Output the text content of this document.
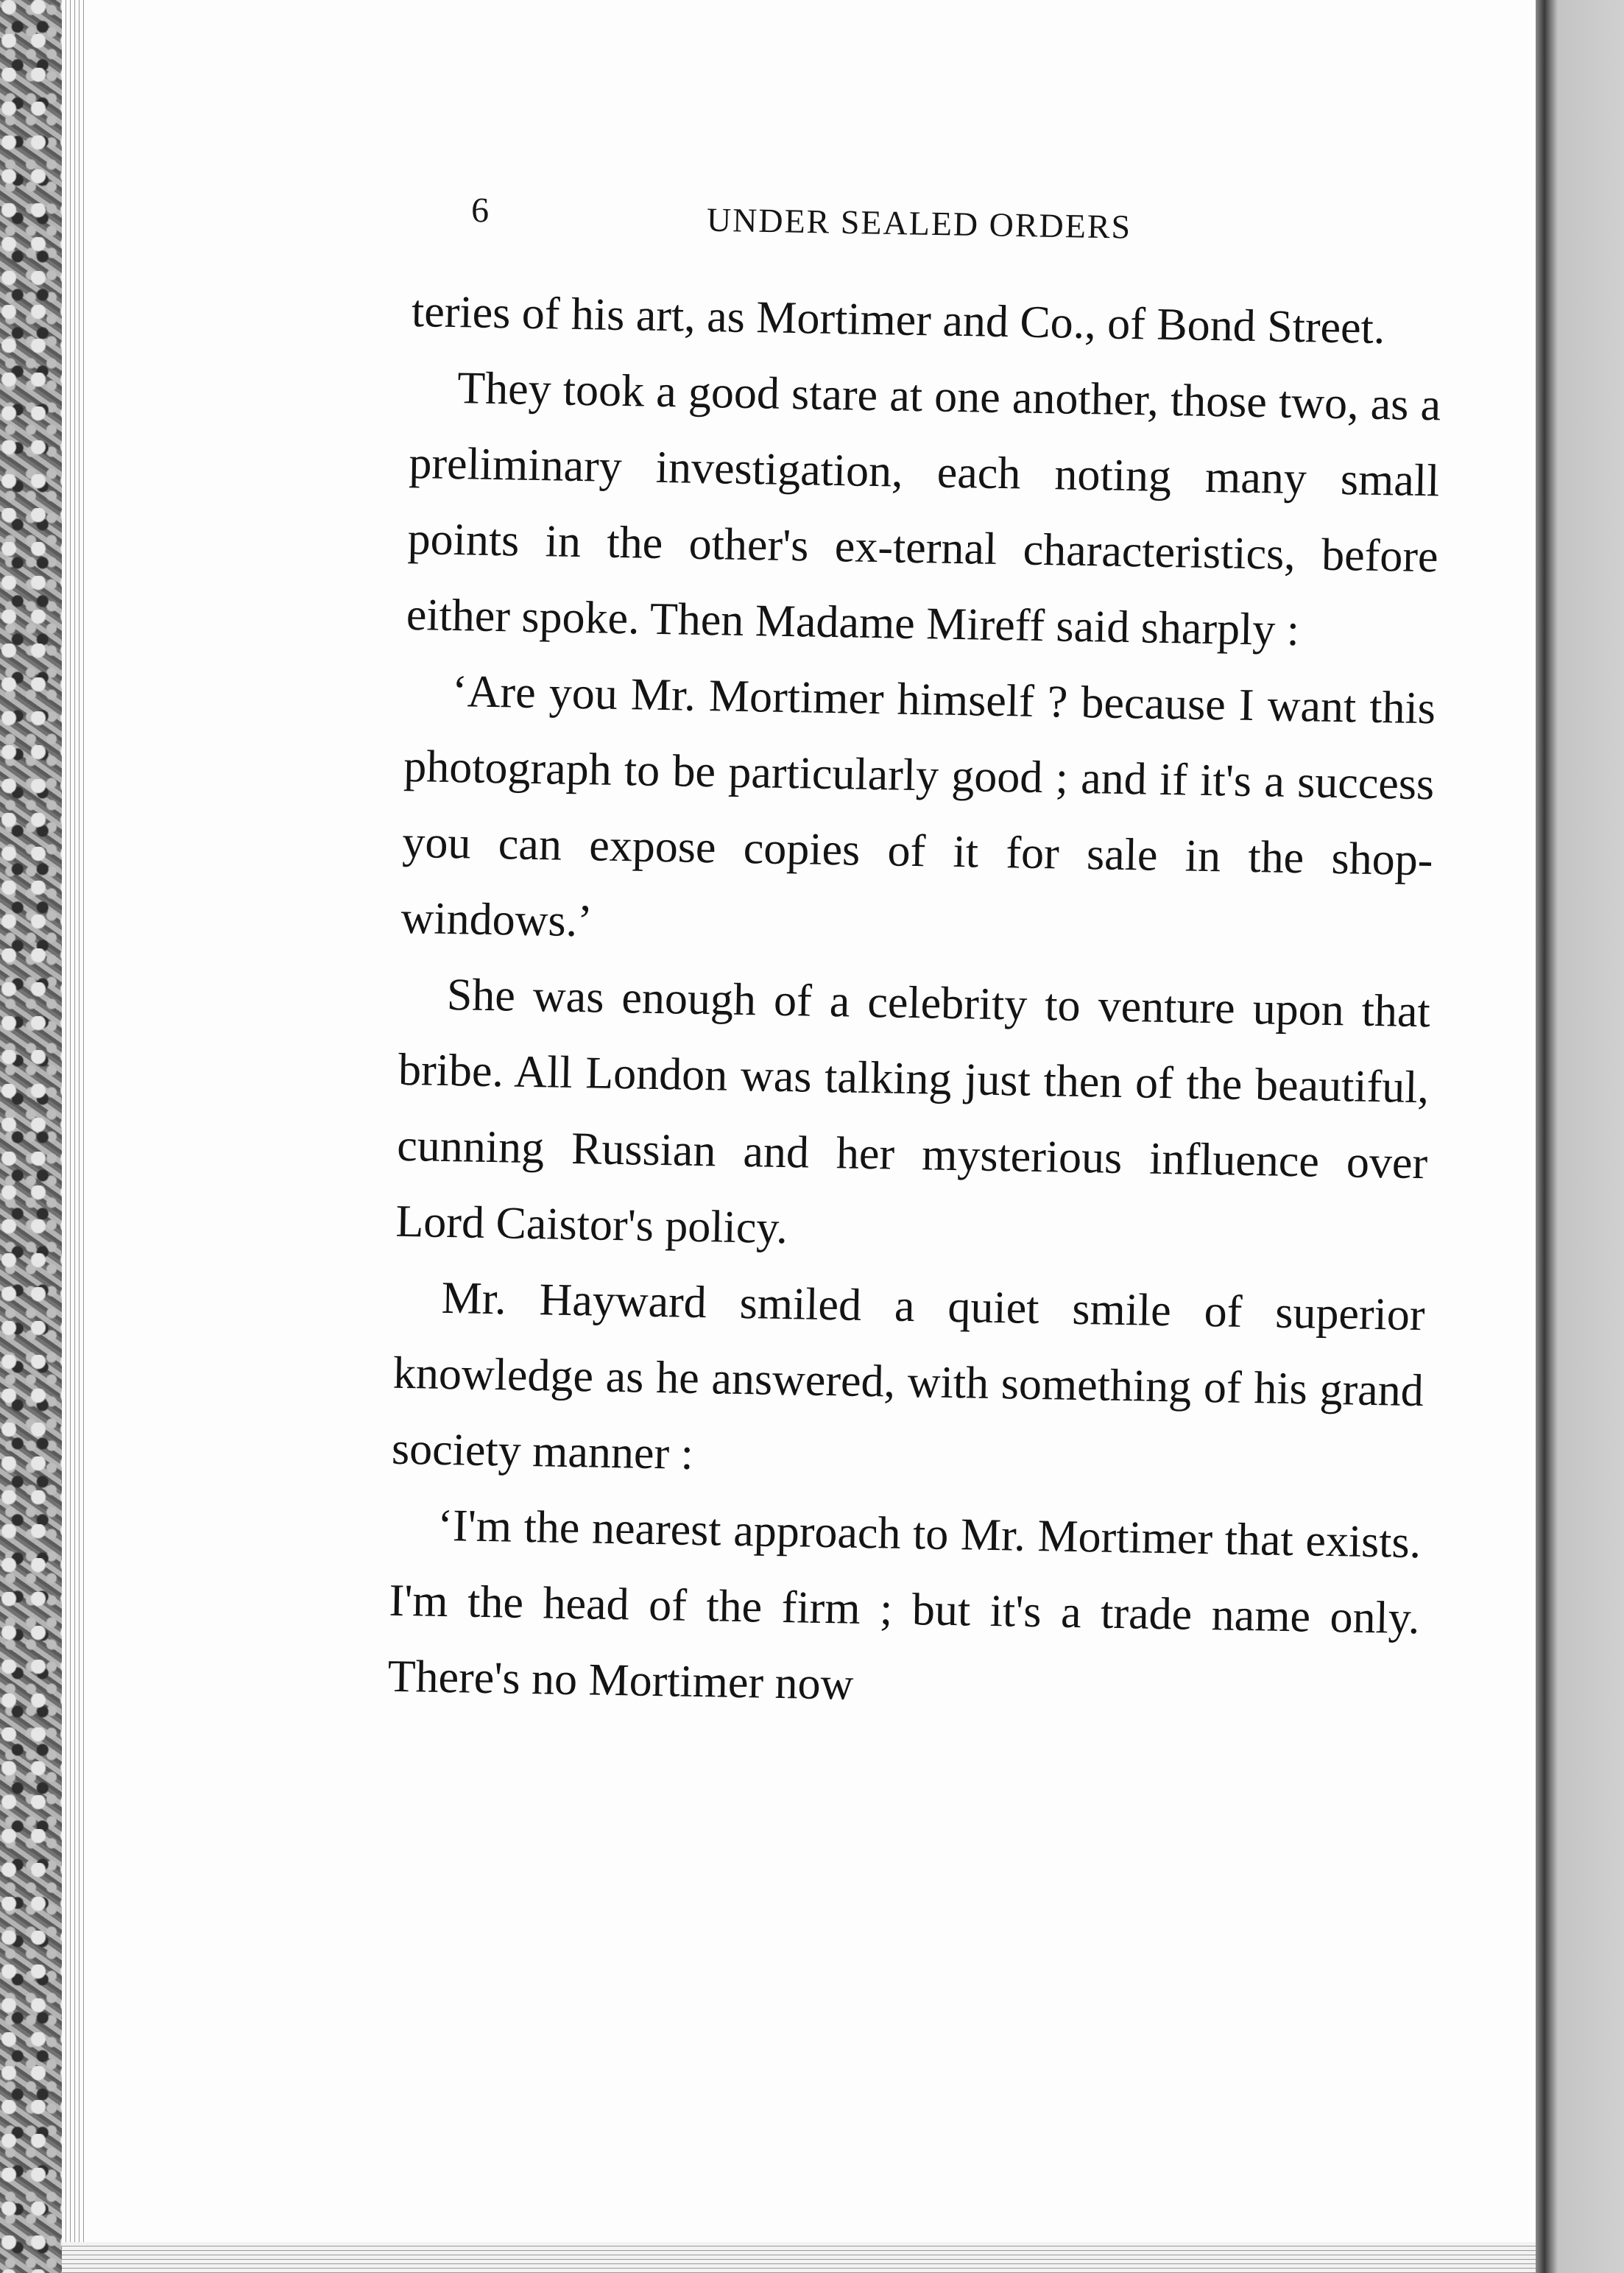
6	UNDER SEALED ORDERS

teries of his art, as Mortimer and Co., of Bond Street.

They took a good stare at one another, those two, as a preliminary investigation, each noting many small points in the other's ex-ternal characteristics, before either spoke. Then Madame Mireff said sharply :

‘Are you Mr. Mortimer himself ? because I want this photograph to be particularly good ; and if it's a success you can expose copies of it for sale in the shop-windows.’

She was enough of a celebrity to venture upon that bribe. All London was talking just then of the beautiful, cunning Russian and her mysterious influence over Lord Caistor's policy.

Mr. Hayward smiled a quiet smile of superior knowledge as he answered, with something of his grand society manner :

‘I'm the nearest approach to Mr. Mortimer that exists. I'm the head of the firm ; but it's a trade name only. There's no Mortimer now
